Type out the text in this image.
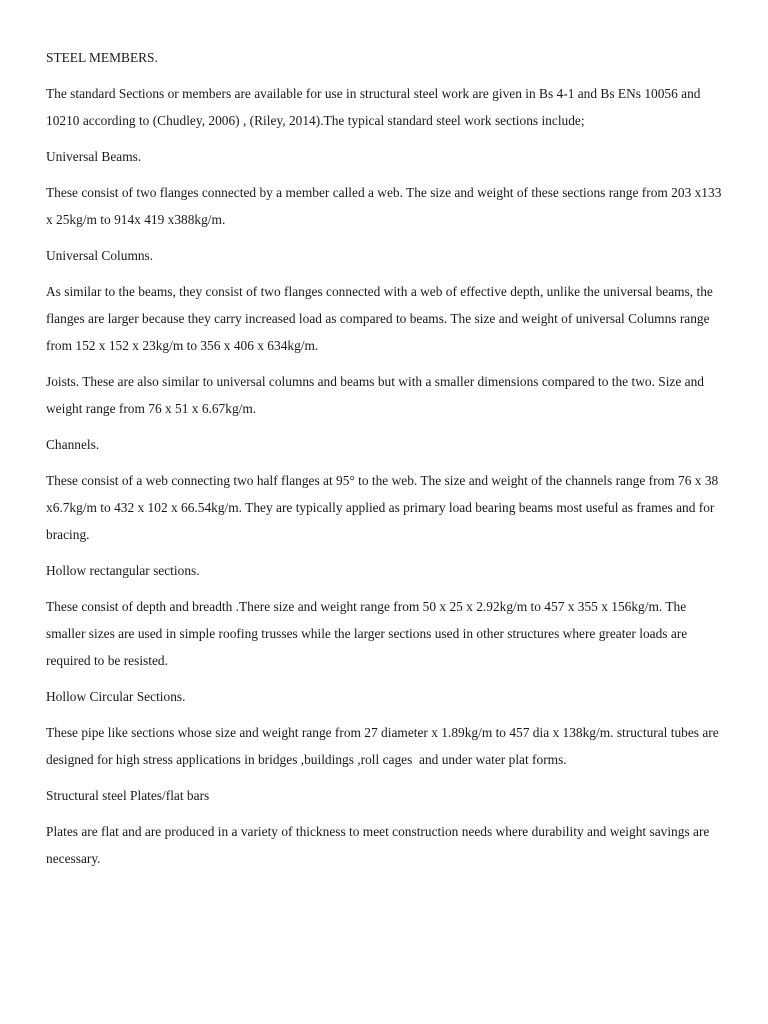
STEEL MEMBERS.

The standard Sections or members are available for use in structural steel work are given in Bs 4-1 and Bs ENs 10056 and 10210 according to (Chudley, 2006) , (Riley, 2014).The typical standard steel work sections include;

Universal Beams.

These consist of two flanges connected by a member called a web. The size and weight of these sections range from 203 x133 x 25kg/m to 914x 419 x388kg/m.

Universal Columns.

As similar to the beams, they consist of two flanges connected with a web of effective depth, unlike the universal beams, the flanges are larger because they carry increased load as compared to beams. The size and weight of universal Columns range from 152 x 152 x 23kg/m to 356 x 406 x 634kg/m.

Joists. These are also similar to universal columns and beams but with a smaller dimensions compared to the two. Size and weight range from 76 x 51 x 6.67kg/m.

Channels.

These consist of a web connecting two half flanges at 95° to the web. The size and weight of the channels range from 76 x 38 x6.7kg/m to 432 x 102 x 66.54kg/m. They are typically applied as primary load bearing beams most useful as frames and for bracing.

Hollow rectangular sections.

These consist of depth and breadth .There size and weight range from 50 x 25 x 2.92kg/m to 457 x 355 x 156kg/m. The smaller sizes are used in simple roofing trusses while the larger sections used in other structures where greater loads are required to be resisted.

Hollow Circular Sections.

These pipe like sections whose size and weight range from 27 diameter x 1.89kg/m to 457 dia x 138kg/m. structural tubes are designed for high stress applications in bridges ,buildings ,roll cages  and under water plat forms.

Structural steel Plates/flat bars

Plates are flat and are produced in a variety of thickness to meet construction needs where durability and weight savings are necessary.
